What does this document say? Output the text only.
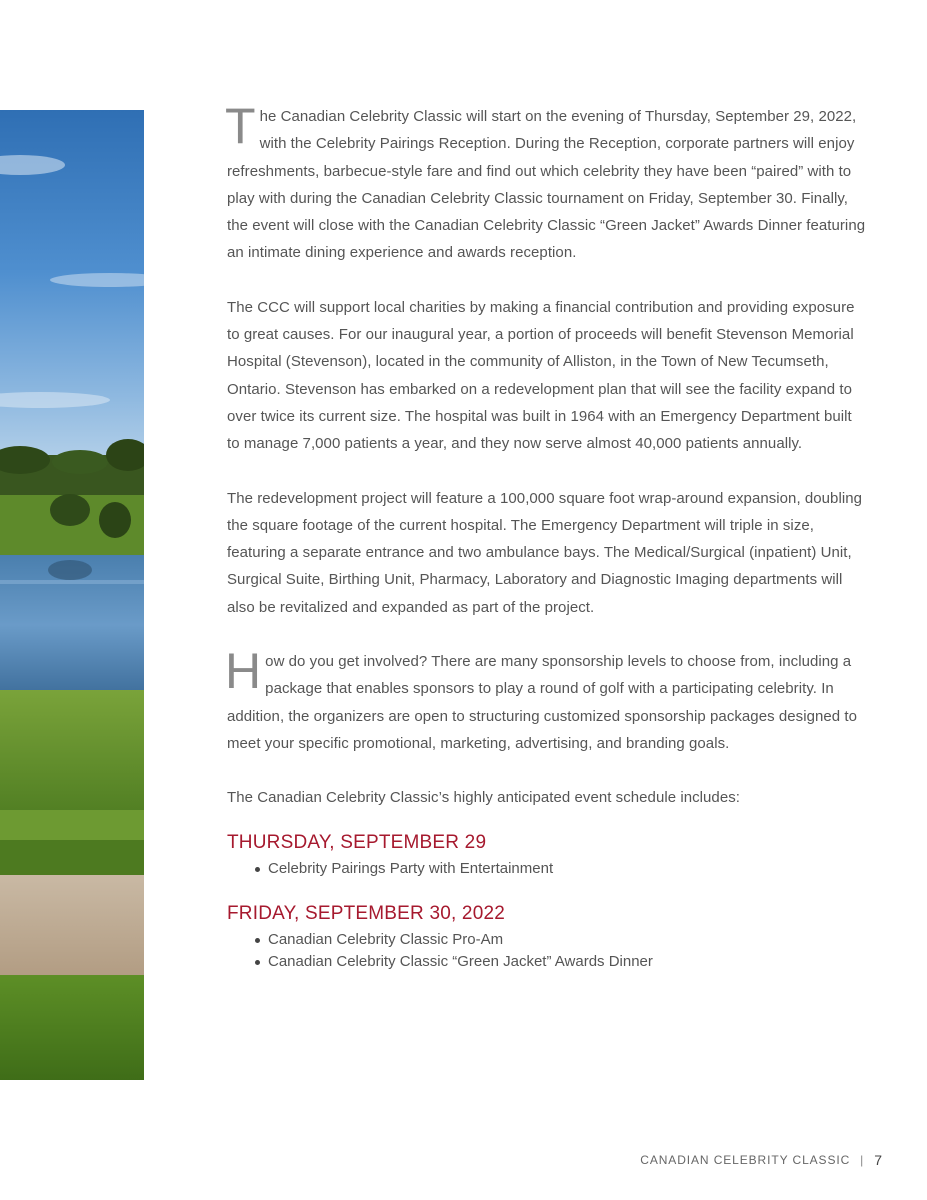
The Canadian Celebrity Classic will start on the evening of Thursday, September 29, 2022, with the Celebrity Pairings Reception. During the Reception, corporate partners will enjoy refreshments, barbecue-style fare and find out which celebrity they have been “paired” with to play with during the Canadian Celebrity Classic tournament on Friday, September 30. Finally, the event will close with the Canadian Celebrity Classic “Green Jacket” Awards Dinner featuring an intimate dining experience and awards reception.

The CCC will support local charities by making a financial contribution and providing exposure to great causes. For our inaugural year, a portion of proceeds will benefit Stevenson Memorial Hospital (Stevenson), located in the community of Alliston, in the Town of New Tecumseth, Ontario. Stevenson has embarked on a redevelopment plan that will see the facility expand to over twice its current size. The hospital was built in 1964 with an Emergency Department built to manage 7,000 patients a year, and they now serve almost 40,000 patients annually.

The redevelopment project will feature a 100,000 square foot wrap-around expansion, doubling the square footage of the current hospital. The Emergency Department will triple in size, featuring a separate entrance and two ambulance bays. The Medical/Surgical (inpatient) Unit, Surgical Suite, Birthing Unit, Pharmacy, Laboratory and Diagnostic Imaging departments will also be revitalized and expanded as part of the project.

How do you get involved? There are many sponsorship levels to choose from, including a package that enables sponsors to play a round of golf with a participating celebrity. In addition, the organizers are open to structuring customized sponsorship packages designed to meet your specific promotional, marketing, advertising, and branding goals.

The Canadian Celebrity Classic’s highly anticipated event schedule includes:

THURSDAY, SEPTEMBER 29
Celebrity Pairings Party with Entertainment
FRIDAY, SEPTEMBER 30, 2022
Canadian Celebrity Classic Pro-Am
Canadian Celebrity Classic “Green Jacket” Awards Dinner
CANADIAN CELEBRITY CLASSIC | 7
